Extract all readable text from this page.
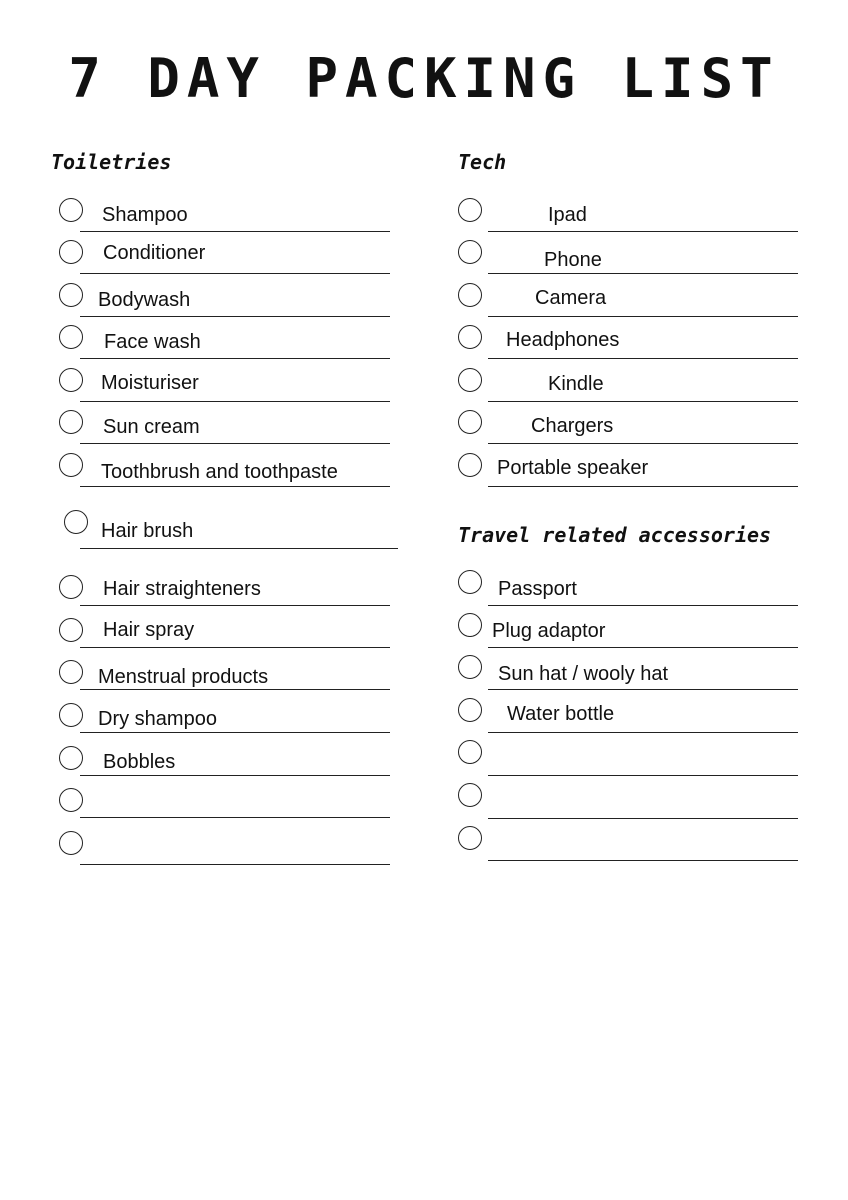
7 DAY PACKING LIST
Toiletries	Tech
Travel related accessories
Shampoo
Conditioner
Bodywash
Face wash
Moisturiser
Sun cream
Toothbrush and toothpaste
Hair brush
Hair straighteners
Hair spray
Menstrual products
Dry shampoo
Bobbles
Ipad
Phone
Camera
Headphones
Kindle
Chargers
Portable speaker
Passport
Plug adaptor
Sun hat / wooly hat
Water bottle
